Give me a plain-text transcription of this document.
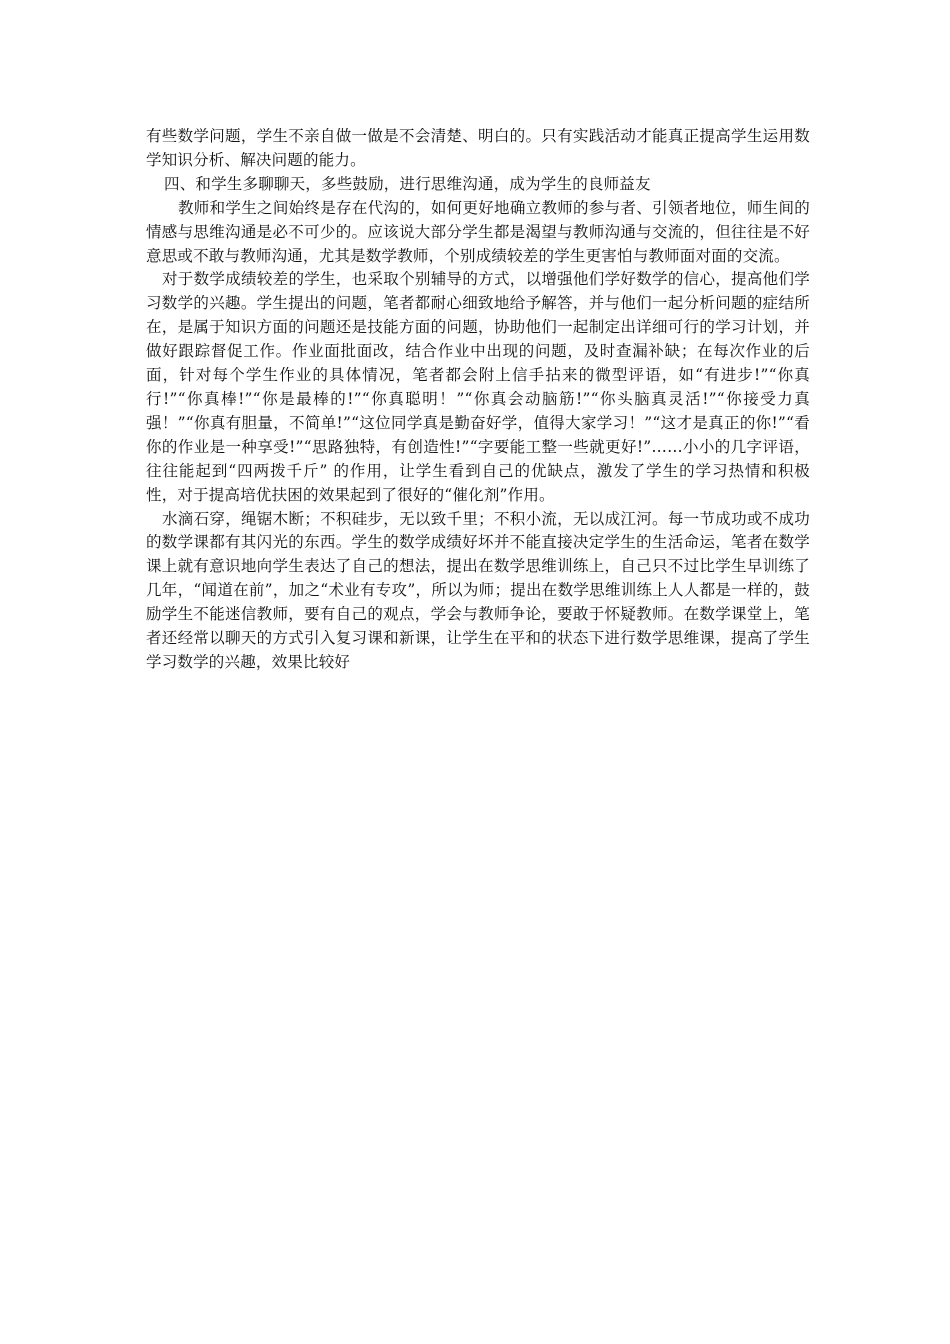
有些数学问题，学生不亲自做一做是不会清楚、明白的。只有实践活动才能真正提高学生运用数学知识分析、解决问题的能力。

四、和学生多聊聊天，多些鼓励，进行思维沟通，成为学生的良师益友

教师和学生之间始终是存在代沟的，如何更好地确立教师的参与者、引领者地位，师生间的情感与思维沟通是必不可少的。应该说大部分学生都是渴望与教师沟通与交流的，但往往是不好意思或不敢与教师沟通，尤其是数学教师，个别成绩较差的学生更害怕与教师面对面的交流。

对于数学成绩较差的学生，也采取个别辅导的方式，以增强他们学好数学的信心，提高他们学习数学的兴趣。学生提出的问题，笔者都耐心细致地给予解答，并与他们一起分析问题的症结所在，是属于知识方面的问题还是技能方面的问题，协助他们一起制定出详细可行的学习计划，并做好跟踪督促工作。作业面批面改，结合作业中出现的问题，及时查漏补缺；在每次作业的后面，针对每个学生作业的具体情况，笔者都会附上信手拈来的微型评语，如“有进步!”“你真行!”“你真棒!”“你是最棒的!”“你真聪明！”“你真会动脑筋!”“你头脑真灵活!”“你接受力真强！”“你真有胆量，不简单!”“这位同学真是勤奋好学，值得大家学习！”“这才是真正的你!”“看你的作业是一种享受!”“思路独特，有创造性!”“字要能工整一些就更好!”……小小的几字评语，往往能起到“四两拨千斤” 的作用，让学生看到自己的优缺点，激发了学生的学习热情和积极性，对于提高培优扶困的效果起到了很好的“催化剂”作用。

水滴石穿，绳锯木断；不积硅步，无以致千里；不积小流，无以成江河。每一节成功或不成功的数学课都有其闪光的东西。学生的数学成绩好坏并不能直接决定学生的生活命运，笔者在数学课上就有意识地向学生表达了自己的想法，提出在数学思维训练上，自己只不过比学生早训练了几年，“闻道在前”，加之“术业有专攻”，所以为师；提出在数学思维训练上人人都是一样的，鼓励学生不能迷信教师，要有自己的观点，学会与教师争论，要敢于怀疑教师。在数学课堂上，笔者还经常以聊天的方式引入复习课和新课，让学生在平和的状态下进行数学思维课，提高了学生学习数学的兴趣，效果比较好
